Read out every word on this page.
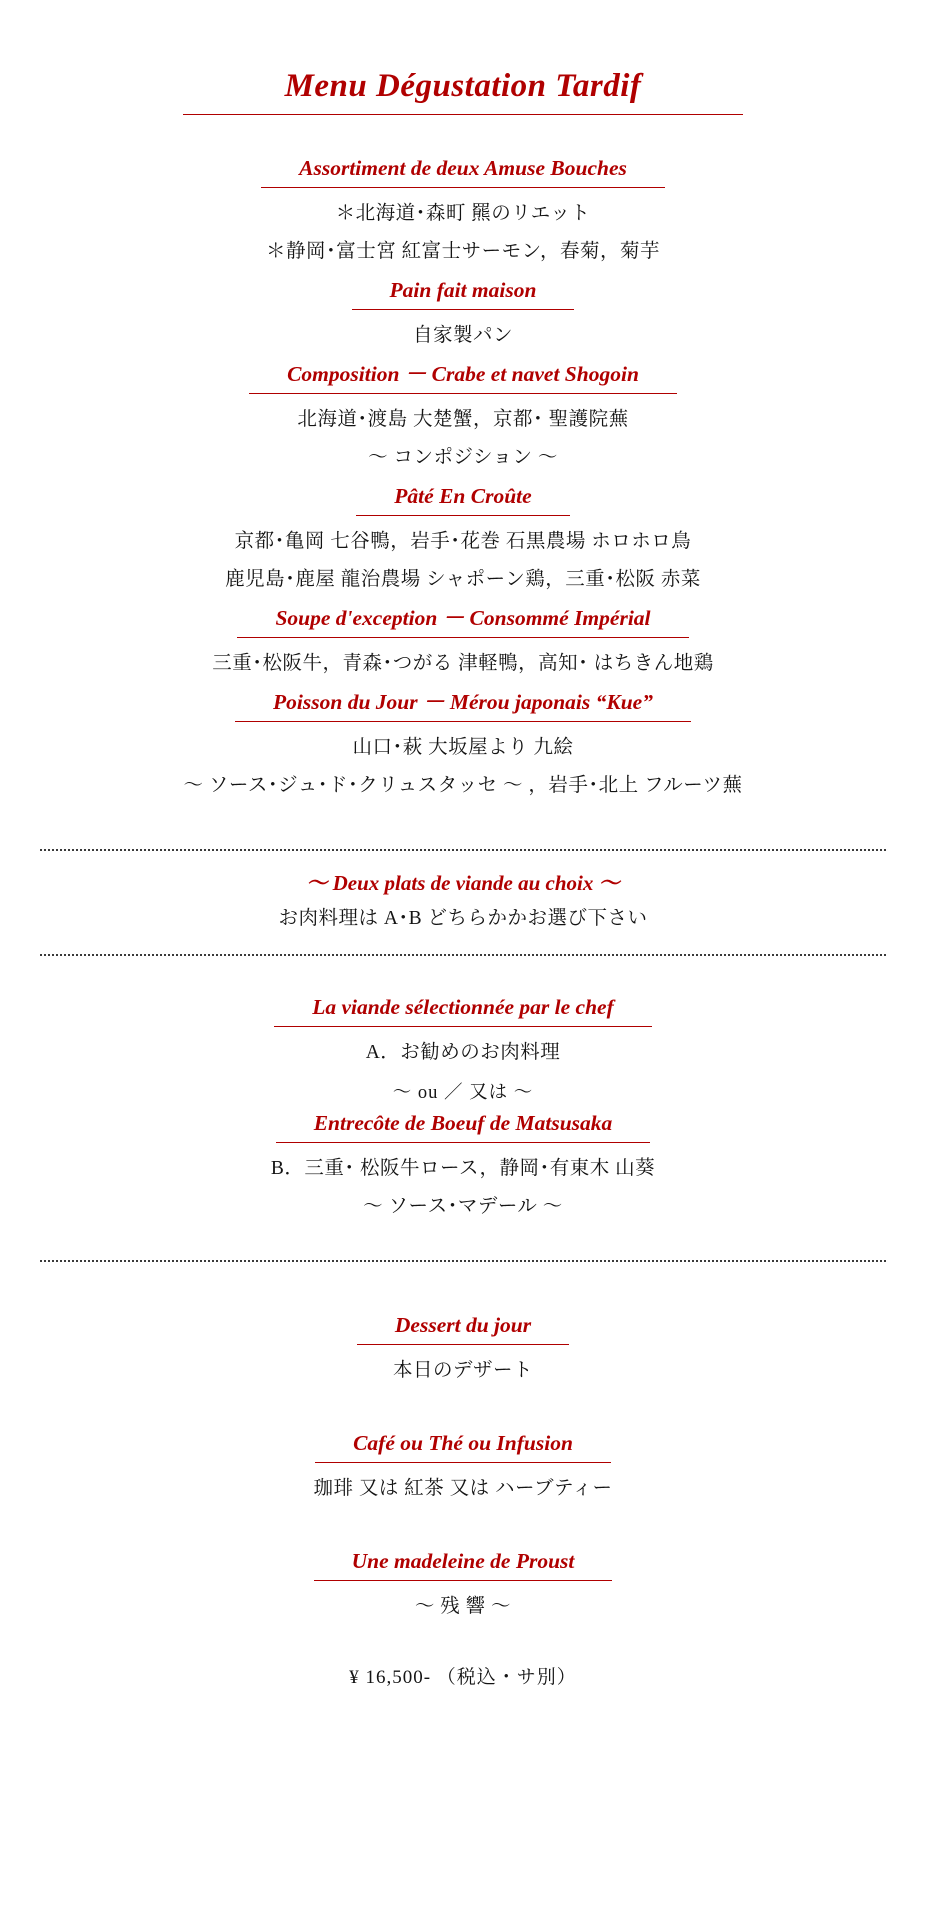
Menu Dégustation Tardif
Assortiment de deux Amuse Bouches

＊北海道･森町 羆のリエット

＊静岡･富士宮 紅富士サーモン，春菊，菊芋

Pain fait maison

自家製パン

Composition － Crabe et navet Shogoin

北海道･渡島 大楚蟹，京都･ 聖護院蕪

〜 コンポジション 〜

Pâté En Croûte

京都･亀岡 七谷鴨，岩手･花巻 石黒農場 ホロホロ鳥

鹿児島･鹿屋 龍治農場 シャポーン鶏，三重･松阪 赤菜

Soupe d'exception － Consommé Impérial

三重･松阪牛，青森･つがる 津軽鴨，高知･ はちきん地鶏

Poisson du Jour － Mérou japonais “Kue”

山口･萩 大坂屋より 九絵

〜 ソース･ジュ･ド･クリュスタッセ 〜 ，岩手･北上 フルーツ蕪

〜 Deux plats de viande au choix 〜

お肉料理は A･B どちらかかお選び下さい

La viande sélectionnée par le chef

A．お勧めのお肉料理

〜 ou ／ 又は 〜
Entrecôte de Boeuf de Matsusaka

B．三重･ 松阪牛ロース，静岡･有東木 山葵

〜 ソース･マデール 〜

Dessert du jour

本日のデザート

Café ou Thé ou Infusion

珈琲 又は 紅茶 又は ハーブティー

Une madeleine de Proust

〜 残 響 〜

¥ 16,500- （税込・サ別）
